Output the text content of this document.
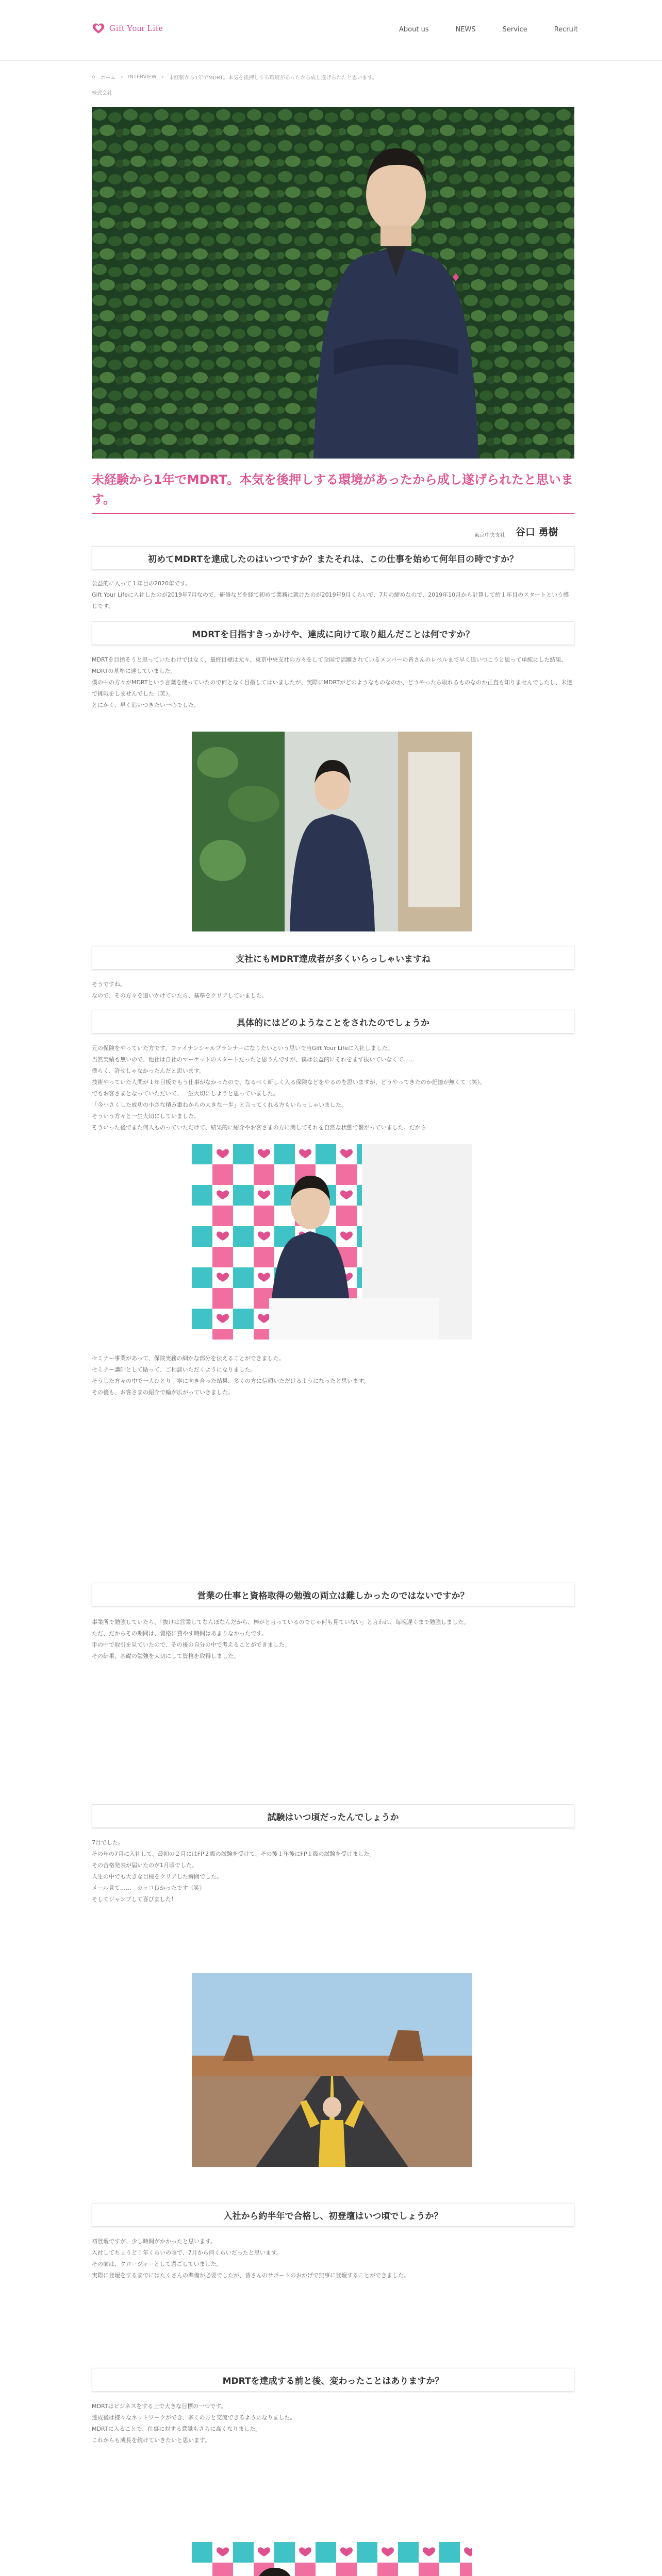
Gift Your Life	About us	NEWS	Service	Recruit
⌂ ホーム › INTERVIEW › 未経験から1年でMDRT。本気を後押しする環境があったから成し遂げられたと思います。
株式会社
未経験から1年でMDRT。本気を後押しする環境があったから成し遂げられたと思います。
東京中央支社 谷口 勇樹
初めてMDRTを達成したのはいつですか？またそれは、この仕事を始めて何年目の時ですか？

公益的に入って１年目の2020年です。

Gift Your Lifeに入社したのが2019年7月なので、研修などを経て初めて業務に就けたのが2019年9月くらいで、7月の締めなので、2019年10月から計算して約１年目のスタートという感じです。

MDRTを目指すきっかけや、達成に向けて取り組んだことは何ですか？

MDRTを目指そうと思っていたわけではなく、最終目標は元々、東京中央支社の方々をして全国で活躍されているメンバーの皆さんのレベルまで早く追いつこうと思って単純にした結果、MDRTの基準に達していました。

僕の中の方々がMDRTという言葉を使っていたので何となく目指してはいましたが、実際にMDRTがどのようなものなのか、どうやったら取れるものなのか正直も知りませんでしたし、未達で挑戦をしませんでした（笑）。

とにかく、早く追いつきたい一心でした。

支社にもMDRT達成者が多くいらっしゃいますね

そうですね。

なので、その方々を追いかけていたら、基準をクリアしていました。

具体的にはどのようなことをされたのでしょうか

元の保険をやっていた方です、ファイナンシャルプランナーになりたいという思いで当Gift Your Lifeに入社しました。

当然実績も無いので、他社は自社のマーケットのスタートだったと思うんですが、僕は公益的にそれをまず抜いていなくて……

僕らく、許せしゃなかったんだと思います。

技術やっていた人間が１年目板でもう仕事がなかったので、なるべく新しく入る保険などをやるのを思いますが、どうやってきたのか記憶が無くて（笑）。

でもお客さまとなっていただいて、一生大切にしようと思っていました。

「今小さくした成功の小さな積み重ねからの大きな一歩」と言ってくれる方もいらっしゃいました。

そういう方々と一生大切にしていました。

そういった後でまた何人ものっていただけて、結果的に紹介やお客さまの方に関してそれを自然な状態で繋がっていました。だから

セミナー事業があって、保険実務の細かな部分を伝えることができました。

セミナー講師として貼って、ご相談いただくようになりました。

そうした方々の中で一人ひとり丁寧に向き合った結果、多くの方に信頼いただけるようになったと思います。

その後も、お客さまの紹介で輪が広がっていきました。

営業の仕事と資格取得の勉強の両立は難しかったのではないですか？

事業所で勉強していたら、「抜けは営業してなんぼなんだから、棒がと言っているのでじゃ何も見ていない」と言われ、毎晩遅くまで勉強しました。

ただ、だからその期間は、資格に費やす時間はあまりなかったです。

手の中で取引を見ていたので、その後の自分の中で考えることができました。

その結果、基礎の勉強を大切にして資格を取得しました。

試験はいつ頃だったんでしょうか

7月でした。

その年の7月に入社して、最初の２月にはFP２級の試験を受けて、その後１年後にFP１級の試験を受けました。

その合格発表が届いたのが1月頃でした。

人生の中でも大きな目標をクリアした瞬間でした。

メール見て……　カッコ良かったです（笑）

そしてジャンプして喜びました！

入社から約半年で合格し、初登壇はいつ頃でしょうか？

初登壇ですが、少し時間がかかったと思います。

入社してちょうど１年くらいの頃で、7月から何くらいだったと思います。

その前は、クロージャーとして過ごしていました。

実際に登壇をするまでにはたくさんの準備が必要でしたが、皆さんのサポートのおかげで無事に登壇することができました。

MDRTを達成する前と後、変わったことはありますか？

MDRTはビジネスをする上で大きな目標の一つです。

達成後は様々なネットワークができ、多くの方と交流できるようになりました。

MDRTに入ることで、仕事に対する意識もさらに高くなりました。

これからも成長を続けていきたいと思います。
